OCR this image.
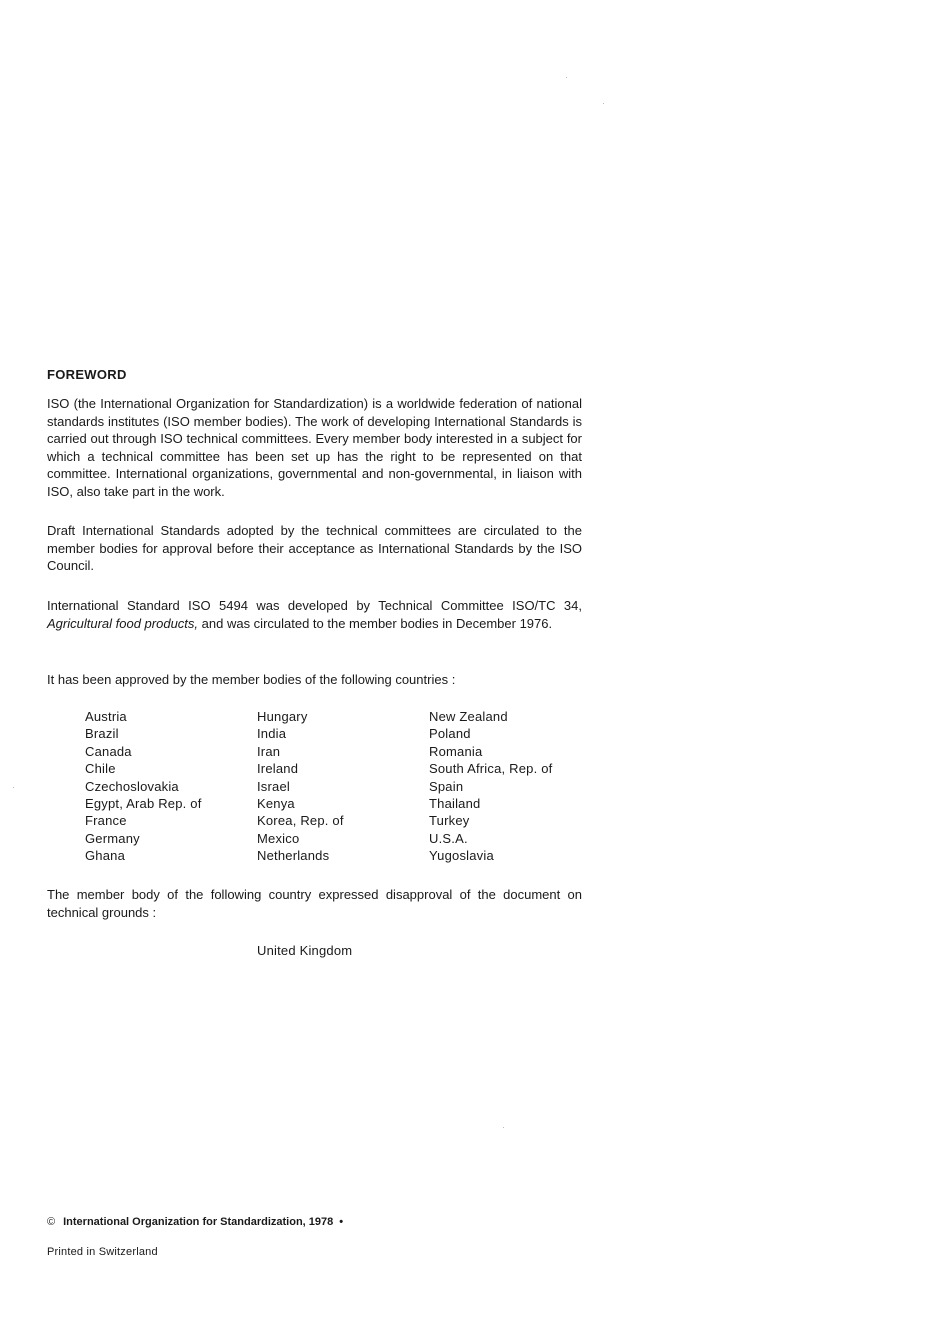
FOREWORD
ISO (the International Organization for Standardization) is a worldwide federation of national standards institutes (ISO member bodies). The work of developing International Standards is carried out through ISO technical committees. Every member body interested in a subject for which a technical committee has been set up has the right to be represented on that committee. International organizations, governmental and non-governmental, in liaison with ISO, also take part in the work.
Draft International Standards adopted by the technical committees are circulated to the member bodies for approval before their acceptance as International Standards by the ISO Council.
International Standard ISO 5494 was developed by Technical Committee ISO/TC 34, Agricultural food products, and was circulated to the member bodies in December 1976.
It has been approved by the member bodies of the following countries :
Austria
Brazil
Canada
Chile
Czechoslovakia
Egypt, Arab Rep. of
France
Germany
Ghana
Hungary
India
Iran
Ireland
Israel
Kenya
Korea, Rep. of
Mexico
Netherlands
New Zealand
Poland
Romania
South Africa, Rep. of
Spain
Thailand
Turkey
U.S.A.
Yugoslavia
The member body of the following country expressed disapproval of the document on technical grounds :
United Kingdom
© International Organization for Standardization, 1978 •
Printed in Switzerland
